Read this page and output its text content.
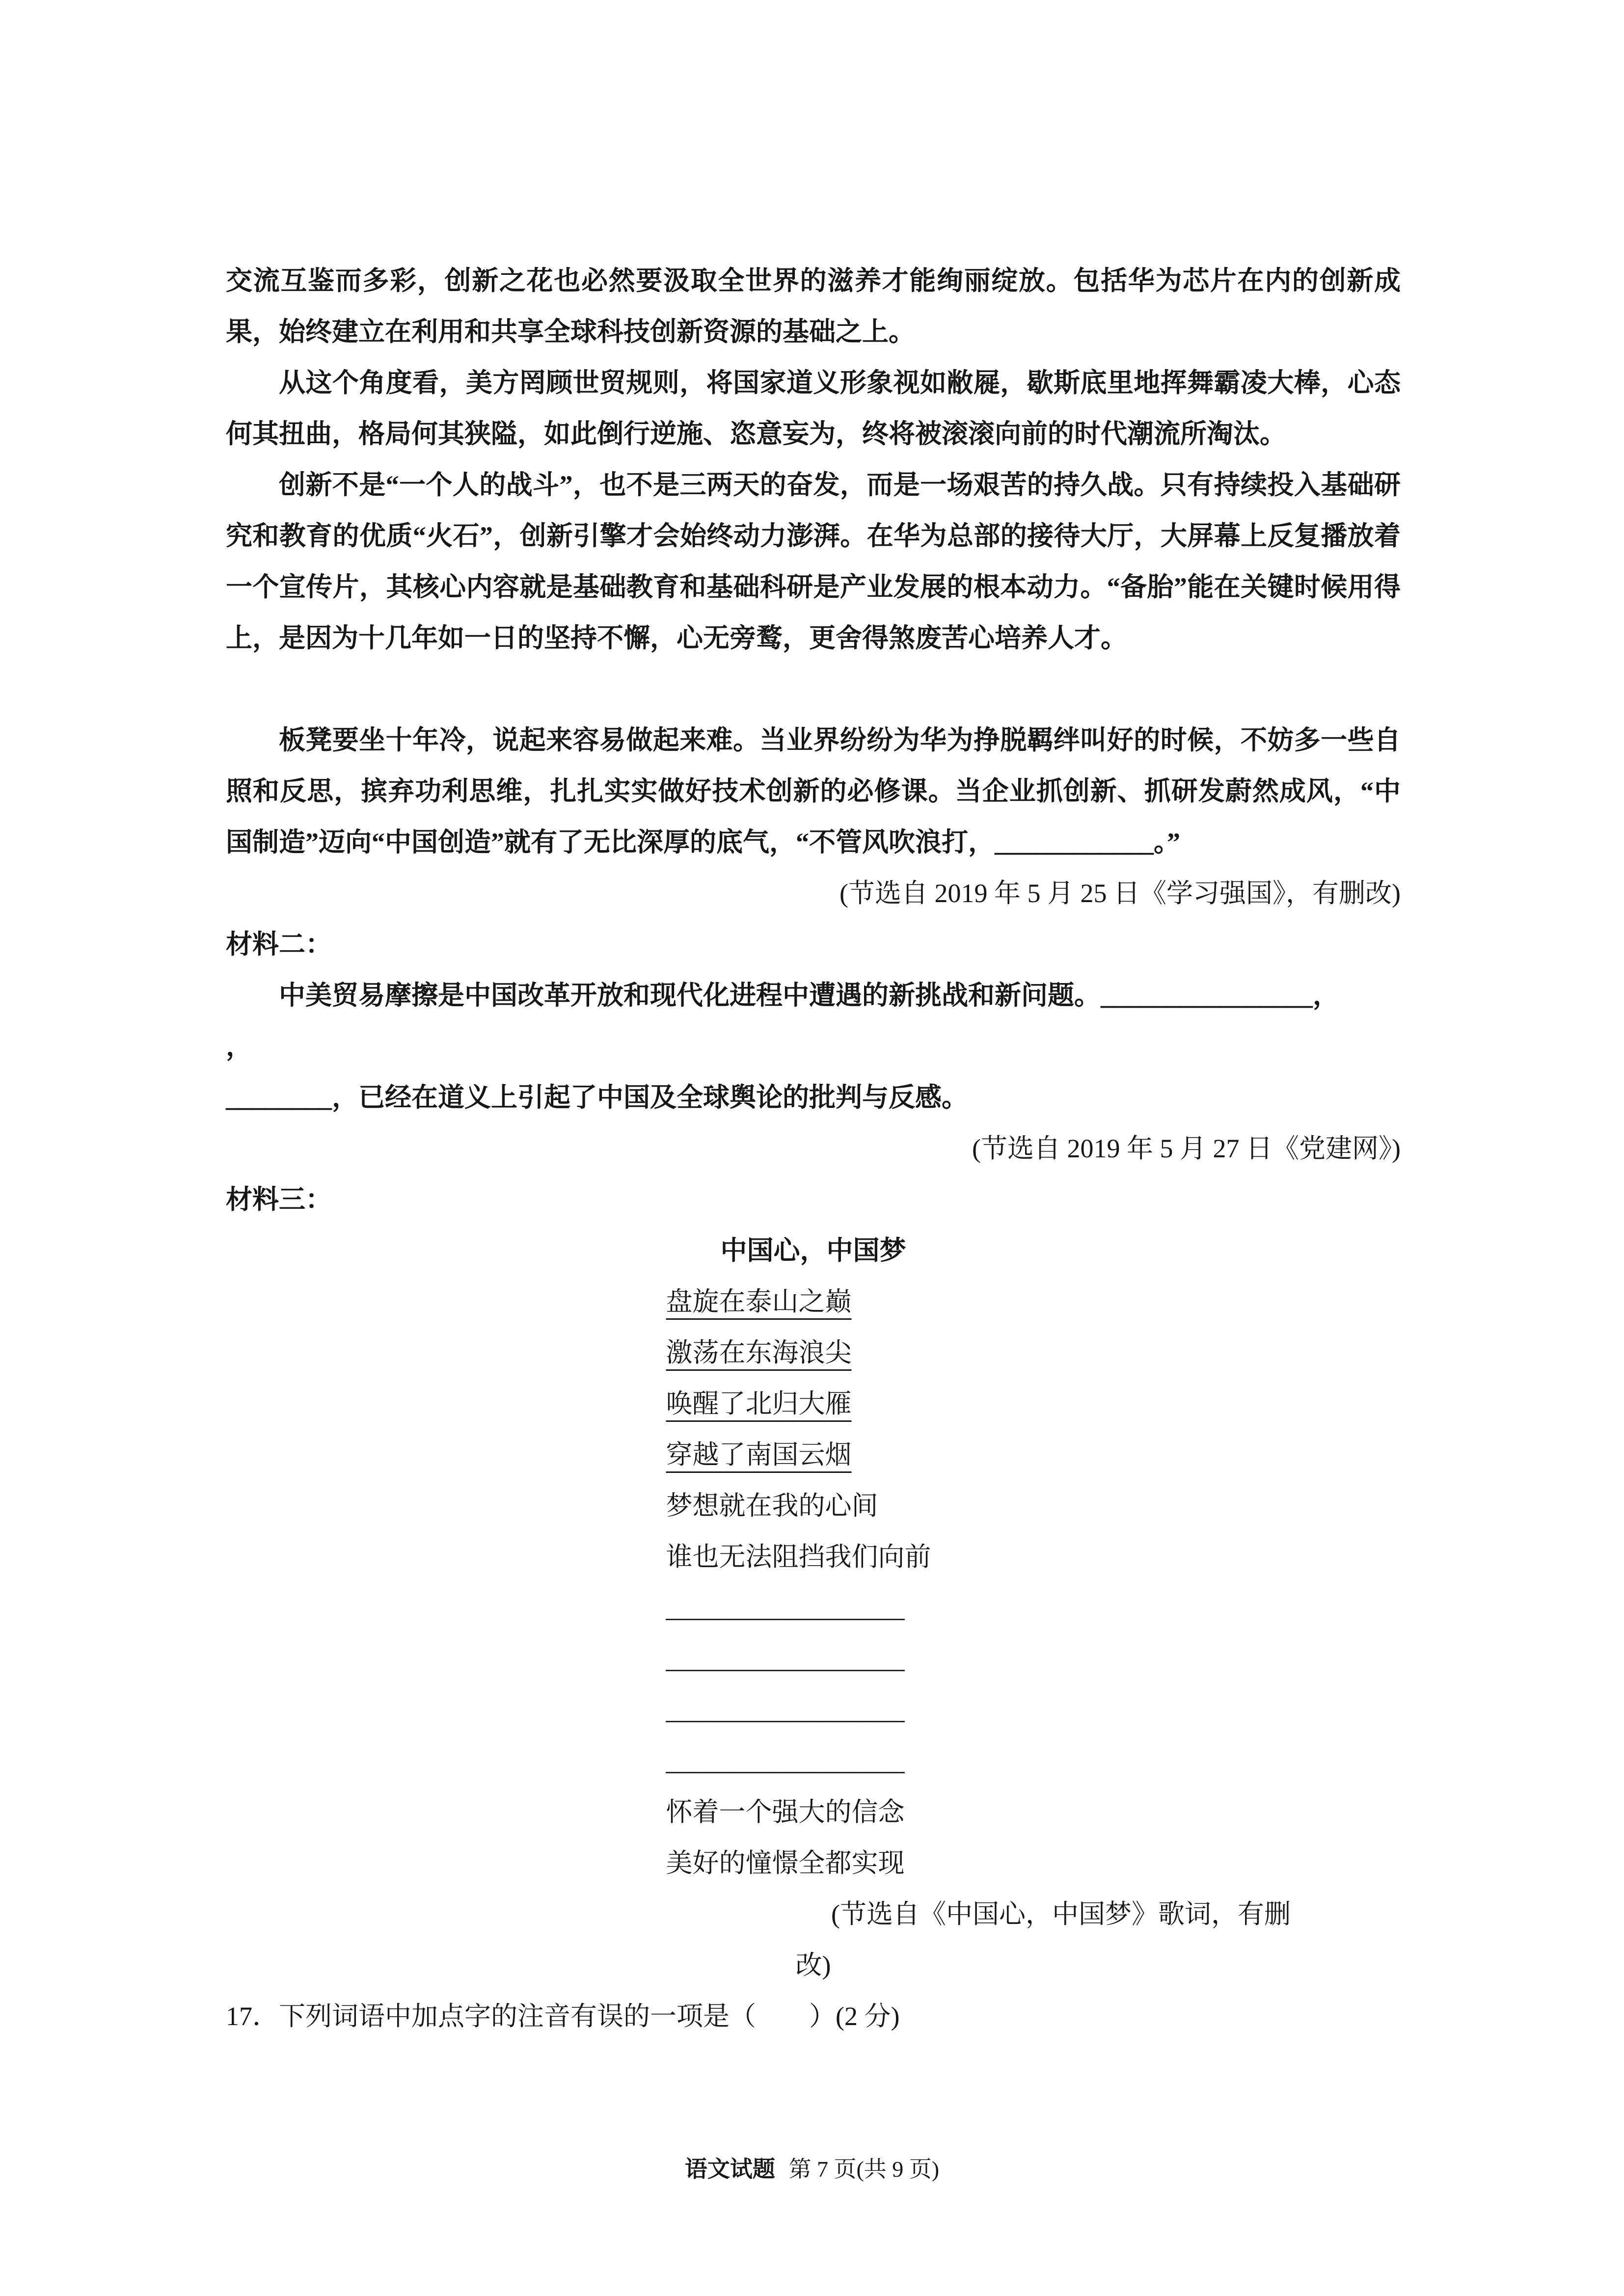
交流互鉴而多彩，创新之花也必然要汲取全世界的滋养才能绚丽绽放。包括华为芯片在内的创新成果，始终建立在利用和共享全球科技创新资源的基础之上。

从这个角度看，美方罔顾世贸规则，将国家道义形象视如敝屣，歇斯底里地挥舞霸凌大棒，心态何其扭曲，格局何其狭隘，如此倒行逆施、恣意妄为，终将被滚滚向前的时代潮流所淘汰。

创新不是“一个人的战斗”，也不是三两天的奋发，而是一场艰苦的持久战。只有持续投入基础研究和教育的优质“火石”，创新引擎才会始终动力澎湃。在华为总部的接待大厅，大屏幕上反复播放着一个宣传片，其核心内容就是基础教育和基础科研是产业发展的根本动力。“备胎”能在关键时候用得上，是因为十几年如一日的坚持不懈，心无旁鹜，更舍得煞废苦心培养人才。

板凳要坐十年冷，说起来容易做起来难。当业界纷纷为华为挣脱羁绊叫好的时候，不妨多一些自照和反思，摈弃功利思维，扎扎实实做好技术创新的必修课。当企业抓创新、抓研发蔚然成风，“中国制造”迈向“中国创造”就有了无比深厚的底气，“不管风吹浪打，____________。”

(节选自 2019 年 5 月 25 日《学习强国》，有删改)

材料二：

中美贸易摩擦是中国改革开放和现代化进程中遭遇的新挑战和新问题。________________，

，

________，已经在道义上引起了中国及全球舆论的批判与反感。

(节选自 2019 年 5 月 27 日《党建网》)

材料三：

中国心，中国梦

盘旋在泰山之巅

激荡在东海浪尖

唤醒了北归大雁

穿越了南国云烟

梦想就在我的心间

谁也无法阻挡我们向前

__________________

__________________

__________________

__________________

怀着一个强大的信念

美好的憧憬全都实现

(节选自《中国心，中国梦》歌词，有删

改)

17．下列词语中加点字的注音有误的一项是（　　）(2 分)

语文试题 第 7 页(共 9 页)
